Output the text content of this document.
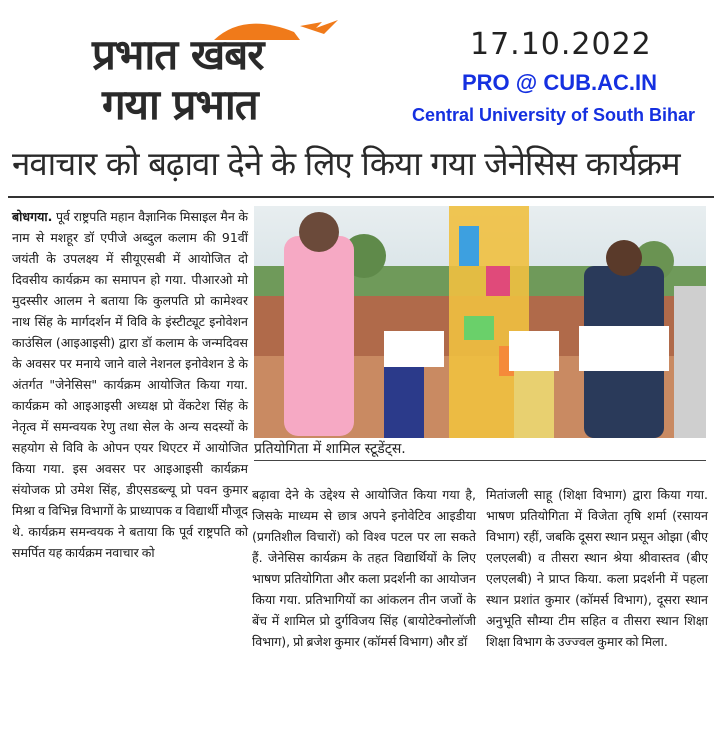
प्रभात खबर
गया प्रभात
17.10.2022
PRO @ CUB.AC.IN
Central University of South Bihar
नवाचार को बढ़ावा देने के लिए किया गया जेनेसिस कार्यक्रम
बोधगया. पूर्व राष्ट्रपति महान वैज्ञानिक मिसाइल मैन के नाम से मशहूर डॉ एपीजे अब्दुल कलाम की 91वीं जयंती के उपलक्ष्य में सीयूएसबी में आयोजित दो दिवसीय कार्यक्रम का समापन हो गया. पीआरओ मो मुदस्सीर आलम ने बताया कि कुलपति प्रो कामेश्वर नाथ सिंह के मार्गदर्शन में विवि के इंस्टीट्यूट इनोवेशन काउंसिल (आइआइसी) द्वारा डॉ कलाम के जन्मदिवस के अवसर पर मनाये जाने वाले नेशनल इनोवेशन डे के अंतर्गत "जेनेसिस" कार्यक्रम आयोजित किया गया. कार्यक्रम को आइआइसी अध्यक्ष प्रो वेंकटेश सिंह के नेतृत्व में समन्वयक रेणु तथा सेल के अन्य सदस्यों के सहयोग से विवि के ओपन एयर थिएटर में आयोजित किया गया. इस अवसर पर आइआइसी कार्यक्रम संयोजक प्रो उमेश सिंह, डीएसडब्ल्यू प्रो पवन कुमार मिश्रा व विभिन्न विभागों के प्राध्यापक व विद्यार्थी मौजूद थे. कार्यक्रम समन्वयक ने बताया कि पूर्व राष्ट्रपति को समर्पित यह कार्यक्रम नवाचार को
प्रतियोगिता में शामिल स्टूडेंट्स.
बढ़ावा देने के उद्देश्य से आयोजित किया गया है, जिसके माध्यम से छात्र अपने इनोवेटिव आइडीया (प्रगतिशील विचारों) को विश्व पटल पर ला सकते हैं. जेनेसिस कार्यक्रम के तहत विद्यार्थियों के लिए भाषण प्रतियोगिता और कला प्रदर्शनी का आयोजन किया गया. प्रतिभागियों का आंकलन तीन जजों के बेंच में शामिल प्रो दुर्गविजय सिंह (बायोटेक्नोलॉजी विभाग), प्रो ब्रजेश कुमार (कॉमर्स विभाग) और डॉ
मितांजली साहू (शिक्षा विभाग) द्वारा किया गया. भाषण प्रतियोगिता में विजेता तृषि शर्मा (रसायन विभाग) रहीं, जबकि दूसरा स्थान प्रसून ओझा (बीए एलएलबी) व तीसरा स्थान श्रेया श्रीवास्तव (बीए एलएलबी) ने प्राप्त किया. कला प्रदर्शनी में पहला स्थान प्रशांत कुमार (कॉमर्स विभाग), दूसरा स्थान अनुभूति सौम्या टीम सहित व तीसरा स्थान शिक्षा शिक्षा विभाग के उज्ज्वल कुमार को मिला.
